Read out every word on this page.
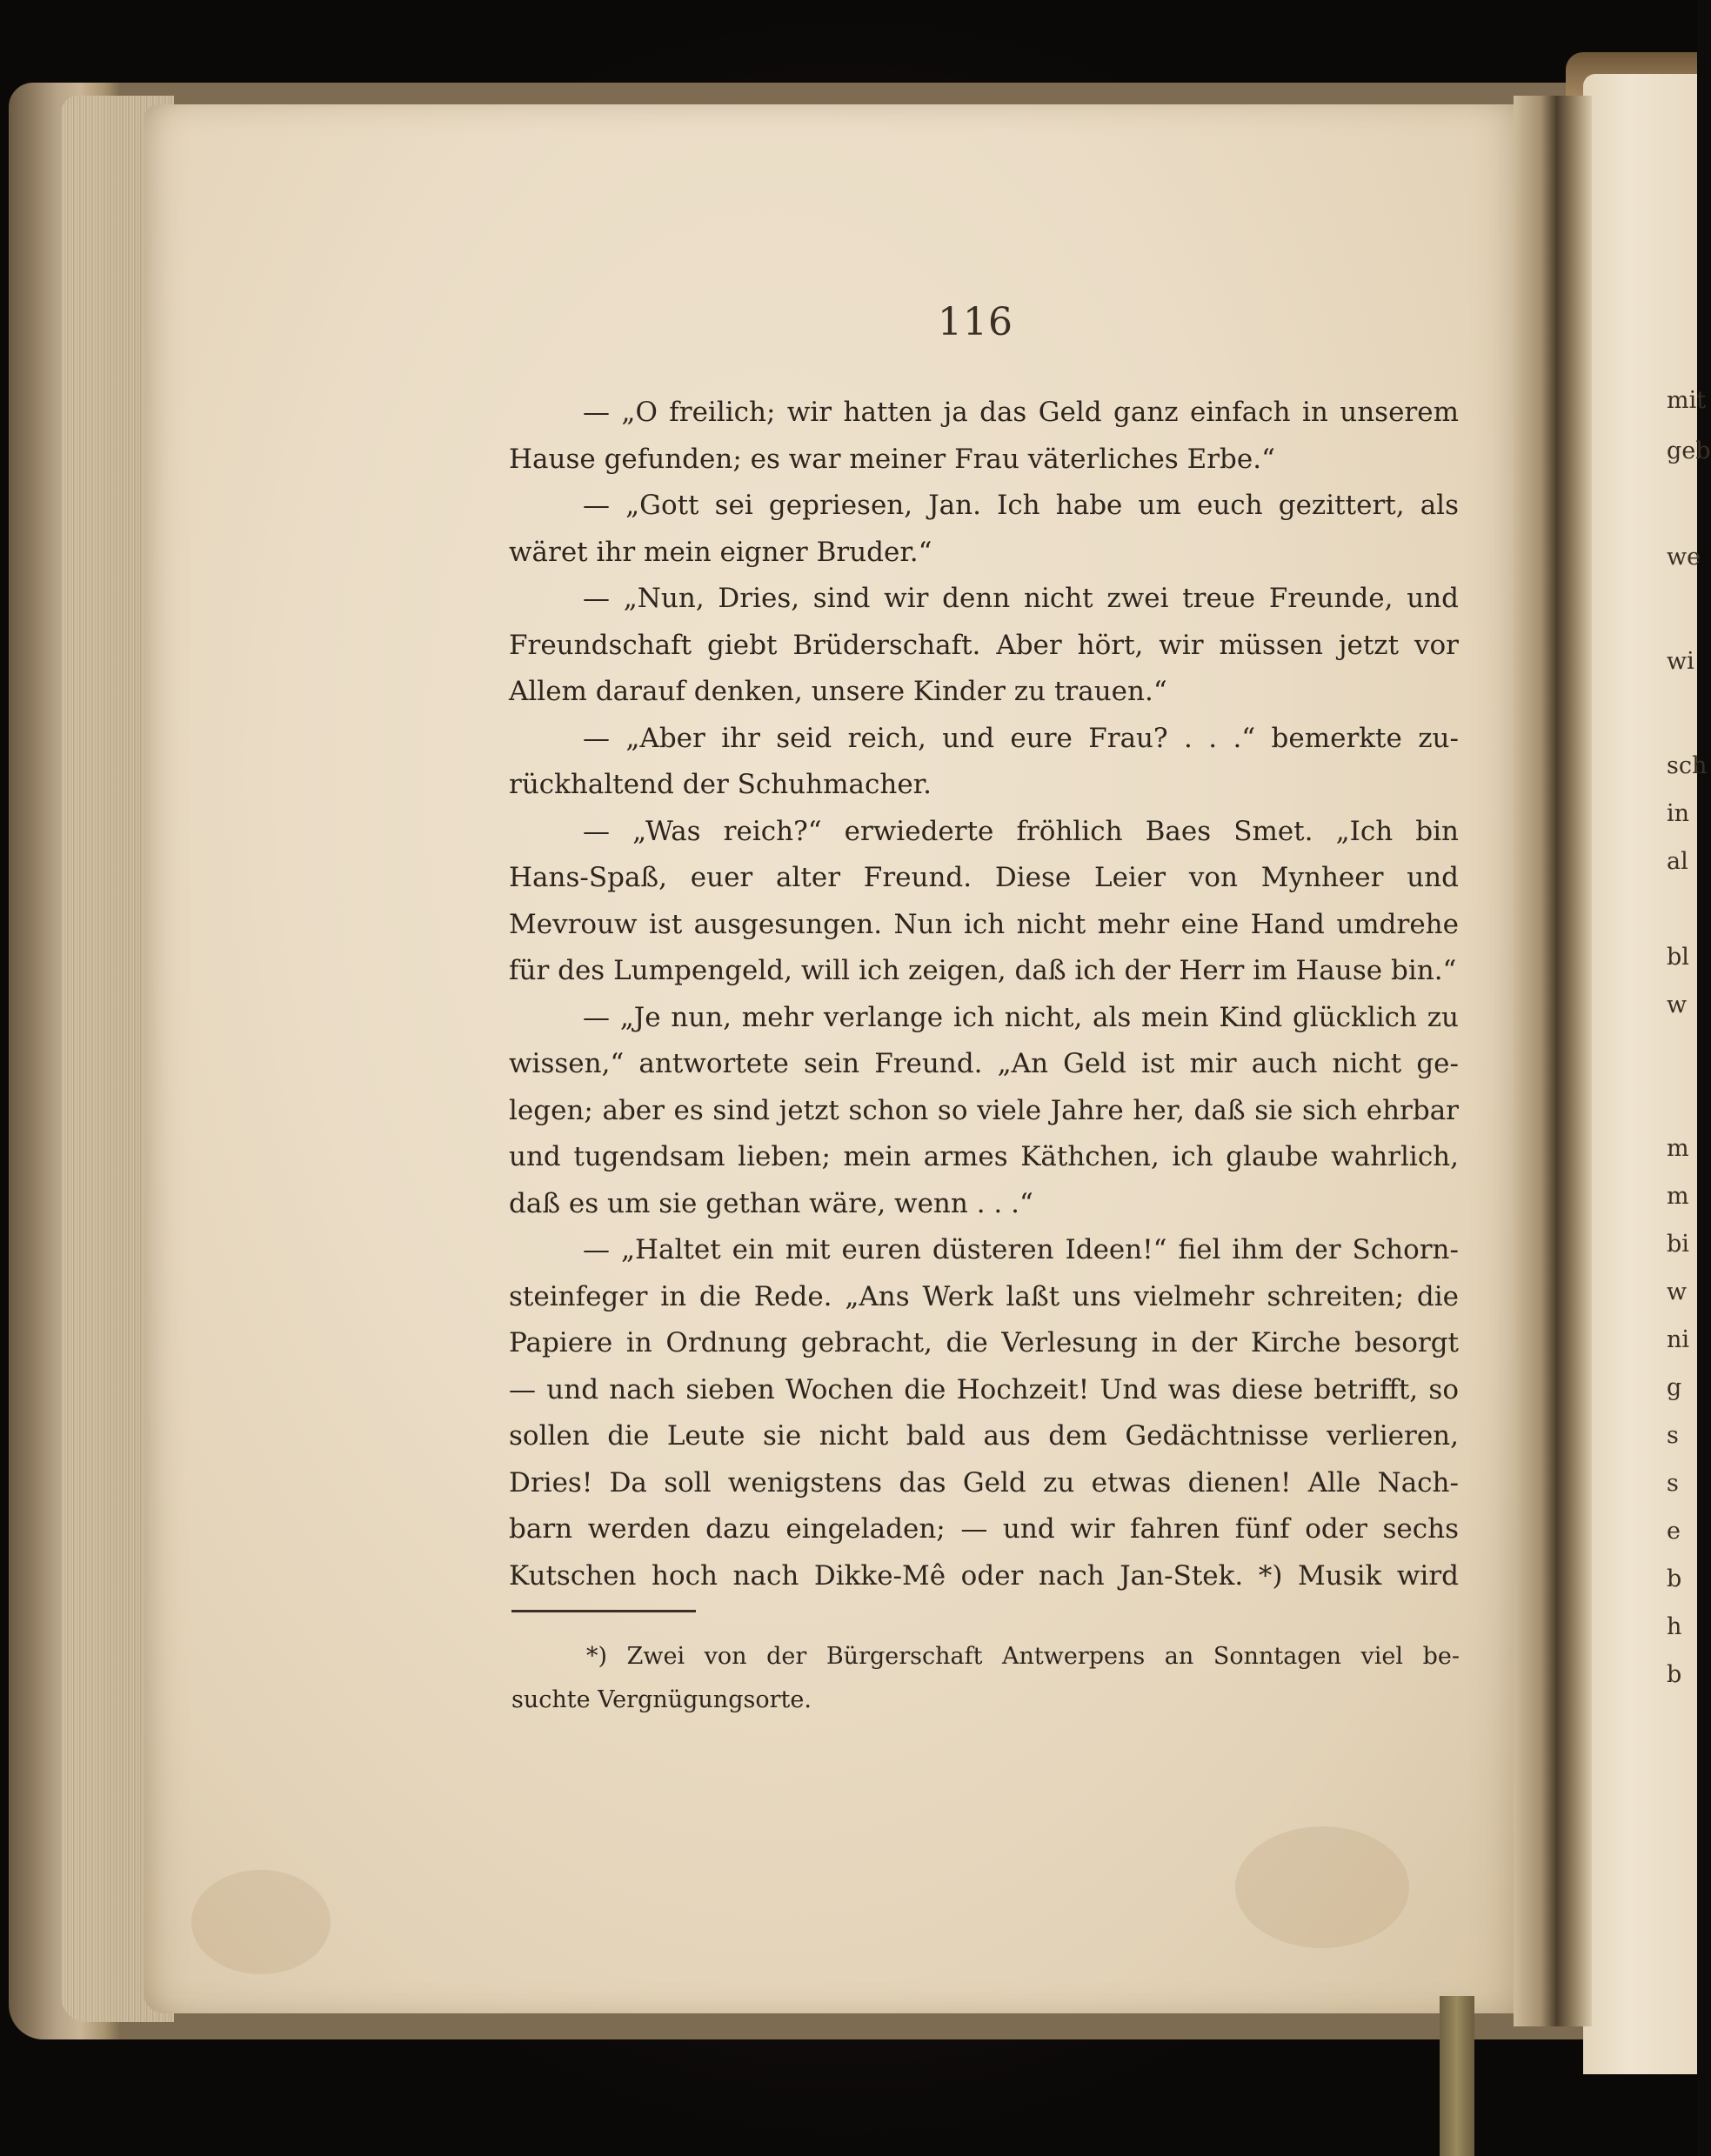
116
— „O freilich; wir hatten ja das Geld ganz einfach in unserem
Hause gefunden; es war meiner Frau väterliches Erbe.“
— „Gott sei gepriesen, Jan. Ich habe um euch gezittert, als
wäret ihr mein eigner Bruder.“
— „Nun, Dries, sind wir denn nicht zwei treue Freunde, und
Freundschaft giebt Brüderschaft. Aber hört, wir müssen jetzt vor
Allem darauf denken, unsere Kinder zu trauen.“
— „Aber ihr seid reich, und eure Frau? . . .“ bemerkte zu-
rückhaltend der Schuhmacher.
— „Was reich?“ erwiederte fröhlich Baes Smet. „Ich bin
Hans-Spaß, euer alter Freund. Diese Leier von Mynheer und
Mevrouw ist ausgesungen. Nun ich nicht mehr eine Hand umdrehe
für des Lumpengeld, will ich zeigen, daß ich der Herr im Hause bin.“
— „Je nun, mehr verlange ich nicht, als mein Kind glücklich zu
wissen,“ antwortete sein Freund. „An Geld ist mir auch nicht ge-
legen; aber es sind jetzt schon so viele Jahre her, daß sie sich ehrbar
und tugendsam lieben; mein armes Käthchen, ich glaube wahrlich,
daß es um sie gethan wäre, wenn . . .“
— „Haltet ein mit euren düsteren Ideen!“ fiel ihm der Schorn-
steinfeger in die Rede. „Ans Werk laßt uns vielmehr schreiten; die
Papiere in Ordnung gebracht, die Verlesung in der Kirche besorgt
— und nach sieben Wochen die Hochzeit! Und was diese betrifft, so
sollen die Leute sie nicht bald aus dem Gedächtnisse verlieren,
Dries! Da soll wenigstens das Geld zu etwas dienen! Alle Nach-
barn werden dazu eingeladen; — und wir fahren fünf oder sechs
Kutschen hoch nach Dikke-Mê oder nach Jan-Stek. *) Musik wird
*) Zwei von der Bürgerschaft Antwerpens an Sonntagen viel be-
suchte Vergnügungsorte.
mit
geb
we
wi
sch
in
al
bl
w
m
m
bi
w
ni
g
s
s
e
b
h
b
